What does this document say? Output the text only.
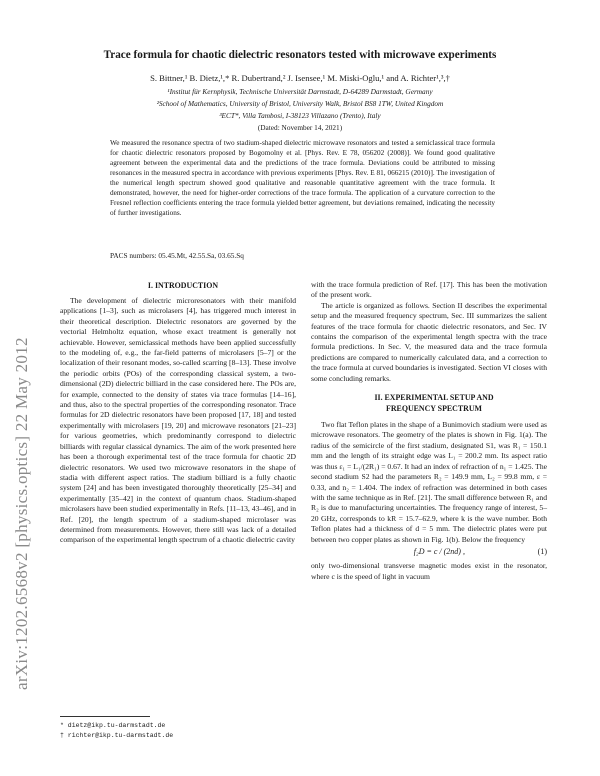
arXiv:1202.6568v2 [physics.optics] 22 May 2012
Trace formula for chaotic dielectric resonators tested with microwave experiments
S. Bittner,¹ B. Dietz,¹,* R. Dubertrand,² J. Isensee,¹ M. Miski-Oglu,¹ and A. Richter¹,³,†
¹Institut für Kernphysik, Technische Universität Darmstadt, D-64289 Darmstadt, Germany
²School of Mathematics, University of Bristol, University Walk, Bristol BS8 1TW, United Kingdom
³ECT*, Villa Tambosi, I-38123 Villazano (Trento), Italy
(Dated: November 14, 2021)

We measured the resonance spectra of two stadium-shaped dielectric microwave resonators and tested a semiclassical trace formula for chaotic dielectric resonators proposed by Bogomolny et al. [Phys. Rev. E 78, 056202 (2008)]. We found good qualitative agreement between the experimental data and the predictions of the trace formula. Deviations could be attributed to missing resonances in the measured spectra in accordance with previous experiments [Phys. Rev. E 81, 066215 (2010)]. The investigation of the numerical length spectrum showed good qualitative and reasonable quantitative agreement with the trace formula. It demonstrated, however, the need for higher-order corrections of the trace formula. The application of a curvature correction to the Fresnel reflection coefficients entering the trace formula yielded better agreement, but deviations remained, indicating the necessity of further investigations.

PACS numbers: 05.45.Mt, 42.55.Sa, 03.65.Sq

I. INTRODUCTION

The development of dielectric microresonators with their manifold applications [1–3], such as microlasers [4], has triggered much interest in their theoretical description. Dielectric resonators are governed by the vectorial Helmholtz equation, whose exact treatment is generally not achievable. However, semiclassical methods have been applied successfully to the modeling of, e.g., the far-field patterns of microlasers [5–7] or the localization of their resonant modes, so-called scarring [8–13]. These involve the periodic orbits (POs) of the corresponding classical system, a two-dimensional (2D) dielectric billiard in the case considered here. The POs are, for example, connected to the density of states via trace formulas [14–16], and thus, also to the spectral properties of the corresponding resonator. Trace formulas for 2D dielectric resonators have been proposed [17, 18] and tested experimentally with microlasers [19, 20] and microwave resonators [21–23] for various geometries, which predominantly correspond to dielectric billiards with regular classical dynamics. The aim of the work presented here has been a thorough experimental test of the trace formula for chaotic 2D dielectric resonators. We used two microwave resonators in the shape of stadia with different aspect ratios. The stadium billiard is a fully chaotic system [24] and has been investigated thoroughly theoretically [25–34] and experimentally [35–42] in the context of quantum chaos. Stadium-shaped microlasers have been studied experimentally in Refs. [11–13, 43–46], and in Ref. [20], the length spectrum of a stadium-shaped microlaser was determined from measurements. However, there still was lack of a detailed comparison of the experimental length spectrum of a chaotic dielectric cavity

with the trace formula prediction of Ref. [17]. This has been the motivation of the present work.

The article is organized as follows. Section II describes the experimental setup and the measured frequency spectrum, Sec. III summarizes the salient features of the trace formula for chaotic dielectric resonators, and Sec. IV contains the comparison of the experimental length spectra with the trace formula predictions. In Sec. V, the measured data and the trace formula predictions are compared to numerically calculated data, and a correction to the trace formula at curved boundaries is investigated. Section VI closes with some concluding remarks.

II. EXPERIMENTAL SETUP AND

FREQUENCY SPECTRUM

Two flat Teflon plates in the shape of a Bunimovich stadium were used as microwave resonators. The geometry of the plates is shown in Fig. 1(a). The radius of the semicircle of the first stadium, designated S1, was R₁ = 150.1 mm and the length of its straight edge was L₁ = 200.2 mm. Its aspect ratio was thus ε₁ = L₁/(2R₁) = 0.67. It had an index of refraction of n₁ = 1.425. The second stadium S2 had the parameters R₂ = 149.9 mm, L₂ = 99.8 mm, ε = 0.33, and n₂ = 1.404. The index of refraction was determined in both cases with the same technique as in Ref. [21]. The small difference between R₁ and R₂ is due to manufacturing uncertainties. The frequency range of interest, 5–20 GHz, corresponds to kR = 15.7–62.9, where k is the wave number. Both Teflon plates had a thickness of d = 5 mm. The dielectric plates were put between two copper plates as shown in Fig. 1(b). Below the frequency

f₂D = c / (2nd) ,	(1)

only two-dimensional transverse magnetic modes exist in the resonator, where c is the speed of light in vacuum

* dietz@ikp.tu-darmstadt.de
† richter@ikp.tu-darmstadt.de
